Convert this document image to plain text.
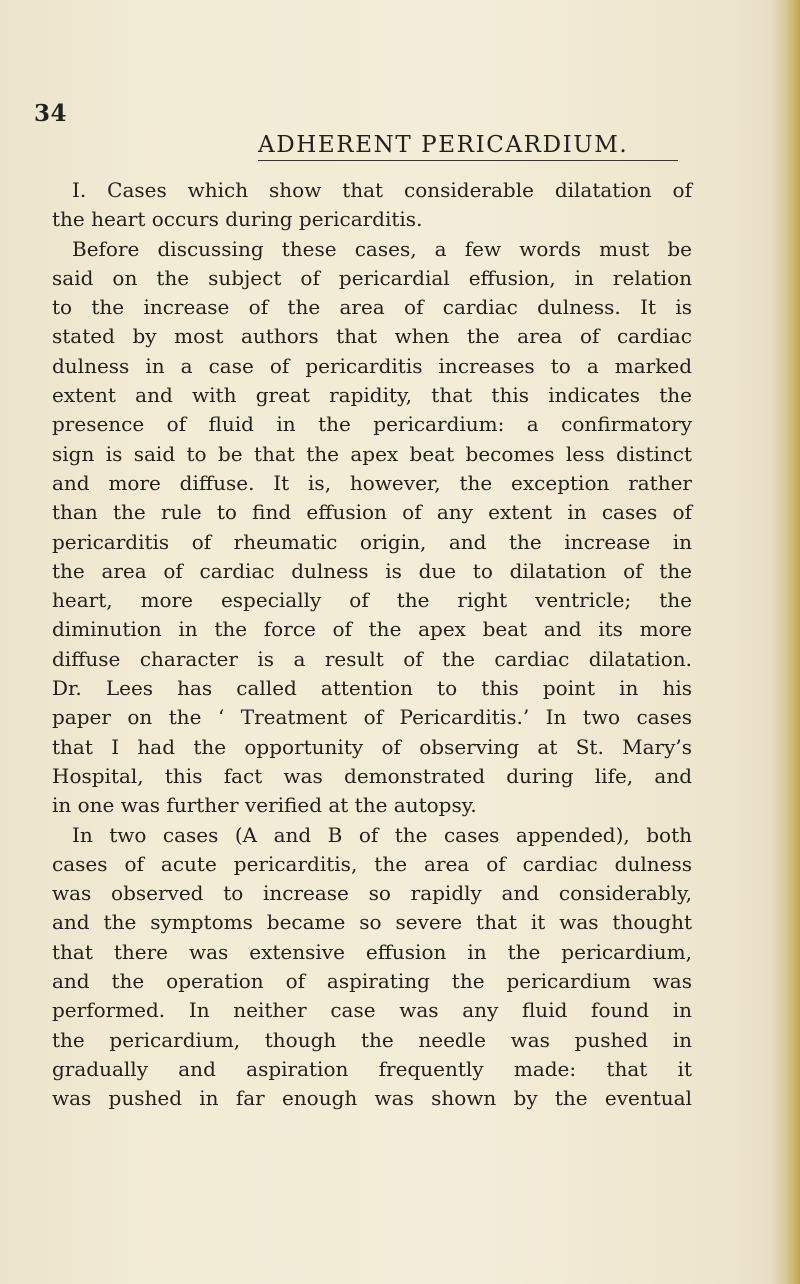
34
ADHERENT PERICARDIUM.
I. Cases which show that considerable dilatation of
the heart occurs during pericarditis.
Before discussing these cases, a few words must be
said on the subject of pericardial effusion, in relation
to the increase of the area of cardiac dulness. It is
stated by most authors that when the area of cardiac
dulness in a case of pericarditis increases to a marked
extent and with great rapidity, that this indicates the
presence of fluid in the pericardium: a confirmatory
sign is said to be that the apex beat becomes less distinct
and more diffuse. It is, however, the exception rather
than the rule to find effusion of any extent in cases of
pericarditis of rheumatic origin, and the increase in
the area of cardiac dulness is due to dilatation of the
heart, more especially of the right ventricle; the
diminution in the force of the apex beat and its more
diffuse character is a result of the cardiac dilatation.
Dr. Lees has called attention to this point in his
paper on the ‘ Treatment of Pericarditis.’ In two cases
that I had the opportunity of observing at St. Mary’s
Hospital, this fact was demonstrated during life, and
in one was further verified at the autopsy.
In two cases (A and B of the cases appended), both
cases of acute pericarditis, the area of cardiac dulness
was observed to increase so rapidly and considerably,
and the symptoms became so severe that it was thought
that there was extensive effusion in the pericardium,
and the operation of aspirating the pericardium was
performed. In neither case was any fluid found in
the pericardium, though the needle was pushed in
gradually and aspiration frequently made: that it
was pushed in far enough was shown by the eventual
